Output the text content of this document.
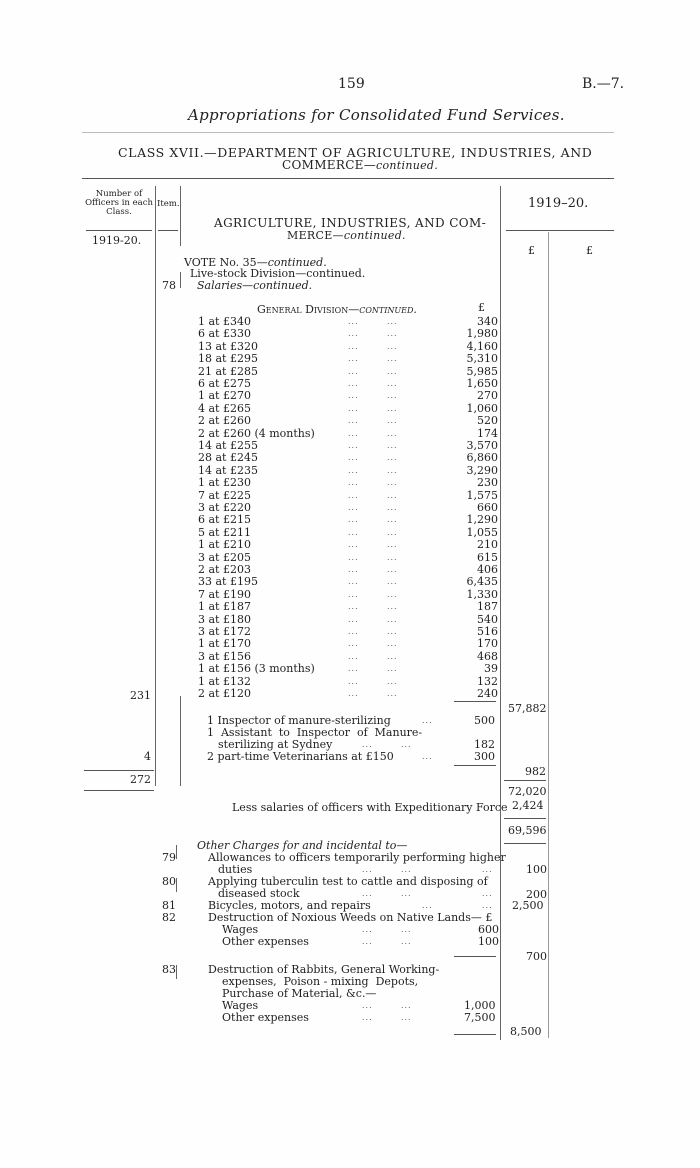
159	B.—7.
Appropriations for Consolidated Fund Services.
CLASS XVII.—DEPARTMENT OF AGRICULTURE, INDUSTRIES, AND
COMMERCE—continued.
Number of
Officers in each
Class.
Item.
1919-20.
1919–20.
£	£
AGRICULTURE, INDUSTRIES, AND COM-
MERCE—continued.
VOTE No. 35—continued.
Live-stock Division—continued.
Salaries—continued.
78
General Division—continued.	£
1 at £340	...        ...	340
6 at £330	...        ...	1,980
13 at £320	...        ...	4,160
18 at £295	...        ...	5,310
21 at £285	...        ...	5,985
6 at £275	...        ...	1,650
1 at £270	...        ...	270
4 at £265	...        ...	1,060
2 at £260	...        ...	520
2 at £260 (4 months)	...        ...	174
14 at £255	...        ...	3,570
28 at £245	...        ...	6,860
14 at £235	...        ...	3,290
1 at £230	...        ...	230
7 at £225	...        ...	1,575
3 at £220	...        ...	660
6 at £215	...        ...	1,290
5 at £211	...        ...	1,055
1 at £210	...        ...	210
3 at £205	...        ...	615
2 at £203	...        ...	406
33 at £195	...        ...	6,435
7 at £190	...        ...	1,330
1 at £187	...        ...	187
3 at £180	...        ...	540
3 at £172	...        ...	516
1 at £170	...        ...	170
3 at £156	...        ...	468
1 at £156 (3 months)	...        ...	39
1 at £132	...        ...	132
2 at £120	...        ...	240
231
57,882
1 Inspector of manure-sterilizing	...	500
1  Assistant  to  Inspector  of  Manure-
sterilizing at Sydney	...        ...	182
2 part-time Veterinarians at £150	...	300
4
982
272
72,020
Less salaries of officers with Expeditionary Force 2,424
69,596
Other Charges for and incidental to—
79	Allowances to officers temporarily performing higher
duties	...        ...	...	100
80	Applying tuberculin test to cattle and disposing of
diseased stock	...        ...	...	200
81	Bicycles, motors, and repairs	...	... 2,500
82	Destruction of Noxious Weeds on Native Lands— £
Wages	...        ...	600
Other expenses	...        ...	100
700
83	Destruction of Rabbits, General Working-
expenses,  Poison - mixing  Depots,
Purchase of Material, &c.—
Wages	...        ...	1,000
Other expenses	...        ...	7,500
8,500
